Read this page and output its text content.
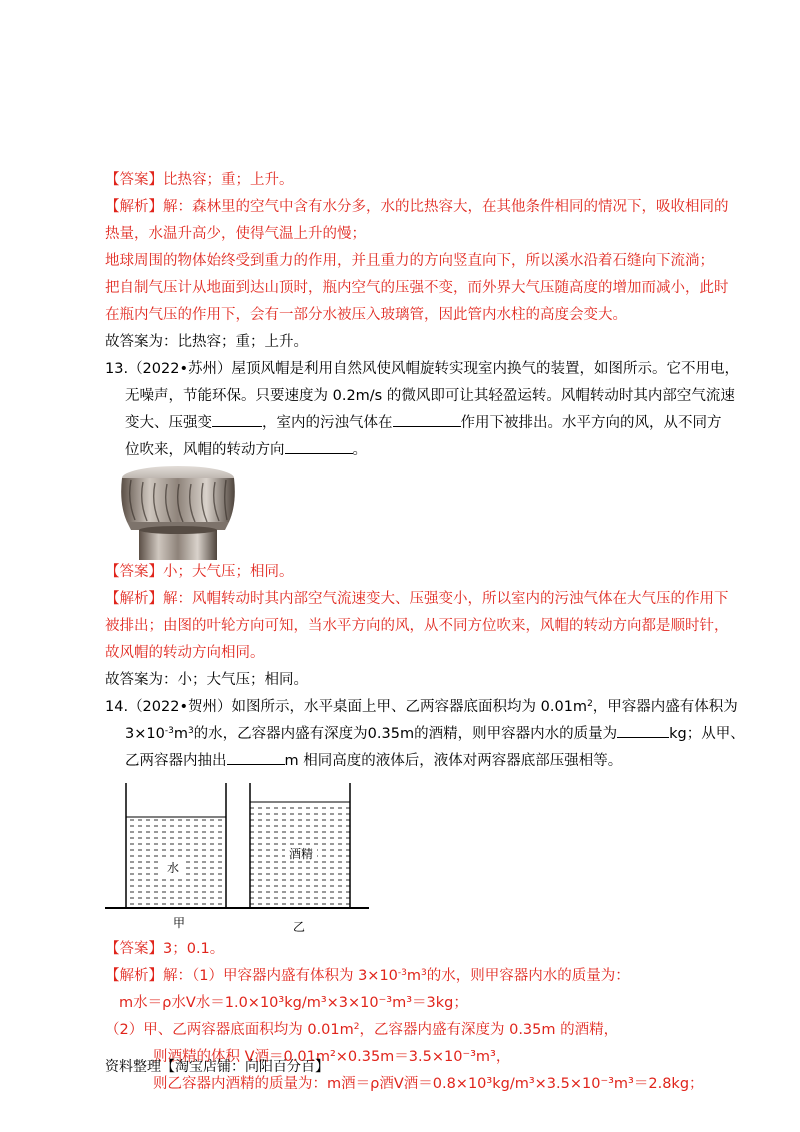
【答案】比热容；重；上升。
【解析】解：森林里的空气中含有水分多，水的比热容大，在其他条件相同的情况下，吸收相同的
热量，水温升高少，使得气温上升的慢；
地球周围的物体始终受到重力的作用，并且重力的方向竖直向下，所以溪水沿着石缝向下流淌；
把自制气压计从地面到达山顶时，瓶内空气的压强不变，而外界大气压随高度的增加而减小，此时
在瓶内气压的作用下，会有一部分水被压入玻璃管，因此管内水柱的高度会变大。
故答案为：比热容；重；上升。
13.（2022•苏州）屋顶风帽是利用自然风使风帽旋转实现室内换气的装置，如图所示。它不用电，
无噪声，节能环保。只要速度为 0.2m/s 的微风即可让其轻盈运转。风帽转动时其内部空气流速
变大、压强变	，室内的污浊气体在	作用下被排出。水平方向的风，从不同方
位吹来，风帽的转动方向	。
【答案】小；大气压；相同。
【解析】解：风帽转动时其内部空气流速变大、压强变小，所以室内的污浊气体在大气压的作用下
被排出；由图的叶轮方向可知，当水平方向的风，从不同方位吹来，风帽的转动方向都是顺时针，
故风帽的转动方向相同。
故答案为：小；大气压；相同。
14.（2022•贺州）如图所示，水平桌面上甲、乙两容器底面积均为 $0.01m^2$，甲容器内盛有体积为
$3\times 10^{-3}m^3$的水，乙容器内盛有深度为0.35m的酒精，则甲容器内水的质量为	kg；从甲、
乙两容器内抽出	m 相同高度的液体后，液体对两容器底部压强相等。
水
酒精
甲	乙
【答案】3；0.1。
【解析】解：（1）甲容器内盛有体积为 $3\times 10^{-3}m^3$的水，则甲容器内水的质量为：
m水＝ρ水V水＝1.0×10³kg/m³×3×10⁻³m³＝3kg；
（2）甲、乙两容器底面积均为 $0.01m^2$，乙容器内盛有深度为 0.35m 的酒精，
则酒精的体积 V酒＝0.01m²×0.35m＝3.5×10⁻³m³，
则乙容器内酒精的质量为：m酒＝ρ酒V酒＝0.8×10³kg/m³×3.5×10⁻³m³＝2.8kg；
资料整理【淘宝店铺：向阳百分百】
